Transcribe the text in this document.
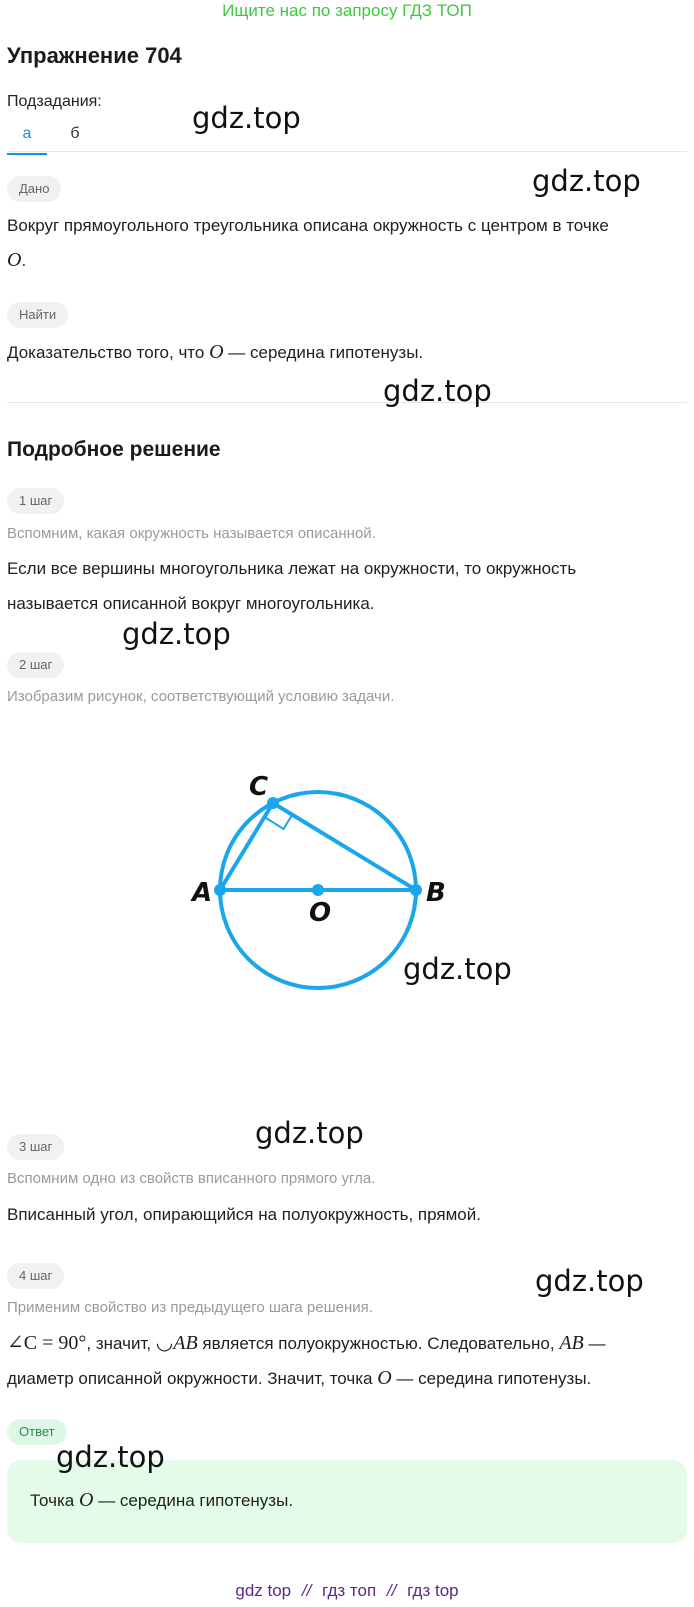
Ищите нас по запросу ГДЗ ТОП
Упражнение 704
Подзадания:
а	б
Дано
Вокруг прямоугольного треугольника описана окружность с центром в точке
O.
Найти
Доказательство того, что O — середина гипотенузы.
Подробное решение
1 шаг
Вспомним, какая окружность называется описанной.
Если все вершины многоугольника лежат на окружности, то окружность называется описанной вокруг многоугольника.
2 шаг
Изобразим рисунок, соответствующий условию задачи.
C
A	B
O
3 шаг
Вспомним одно из свойств вписанного прямого угла.
Вписанный угол, опирающийся на полуокружность, прямой.
4 шаг
Применим свойство из предыдущего шага решения.
∠C = 90°, значит, ◡AB является полуокружностью. Следовательно, AB — диаметр описанной окружности. Значит, точка O — середина гипотенузы.
Ответ
Точка O — середина гипотенузы.
gdz.top
gdz.top
gdz.top
gdz.top
gdz.top
gdz.top
gdz.top
gdz.top
gdz top // гдз топ // гдз top
